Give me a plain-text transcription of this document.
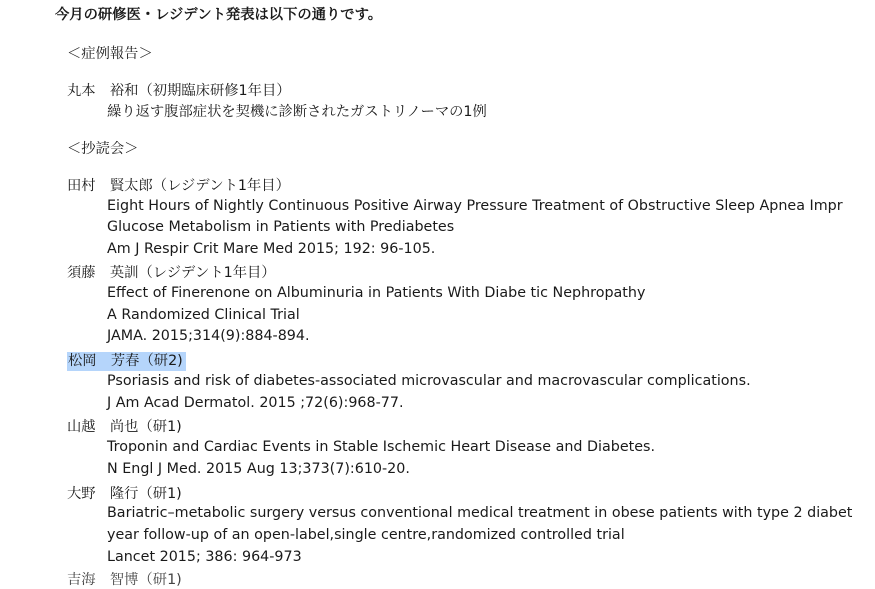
今月の研修医・レジデント発表は以下の通りです。
＜症例報告＞
丸本　裕和（初期臨床研修1年目）
繰り返す腹部症状を契機に診断されたガストリノーマの1例
＜抄読会＞
田村　賢太郎（レジデント1年目）
Eight Hours of Nightly Continuous Positive Airway Pressure Treatment of Obstructive Sleep Apnea Impr
Glucose Metabolism in Patients with Prediabetes
Am J Respir Crit Mare Med 2015; 192: 96-105.
須藤　英訓（レジデント1年目）
Effect of Finerenone on Albuminuria in Patients With Diabe tic Nephropathy
A Randomized Clinical Trial
JAMA. 2015;314(9):884-894.
松岡　芳春（研2)
Psoriasis and risk of diabetes-associated microvascular and macrovascular complications.
J Am Acad Dermatol. 2015 ;72(6):968-77.
山越　尚也（研1)
Troponin and Cardiac Events in Stable Ischemic Heart Disease and Diabetes.
N Engl J Med. 2015 Aug 13;373(7):610-20.
大野　隆行（研1)
Bariatric–metabolic surgery versus conventional medical treatment in obese patients with type 2 diabet
year follow-up of an open-label,single centre,randomized controlled trial
Lancet 2015; 386: 964-973
吉海　智博（研1)
